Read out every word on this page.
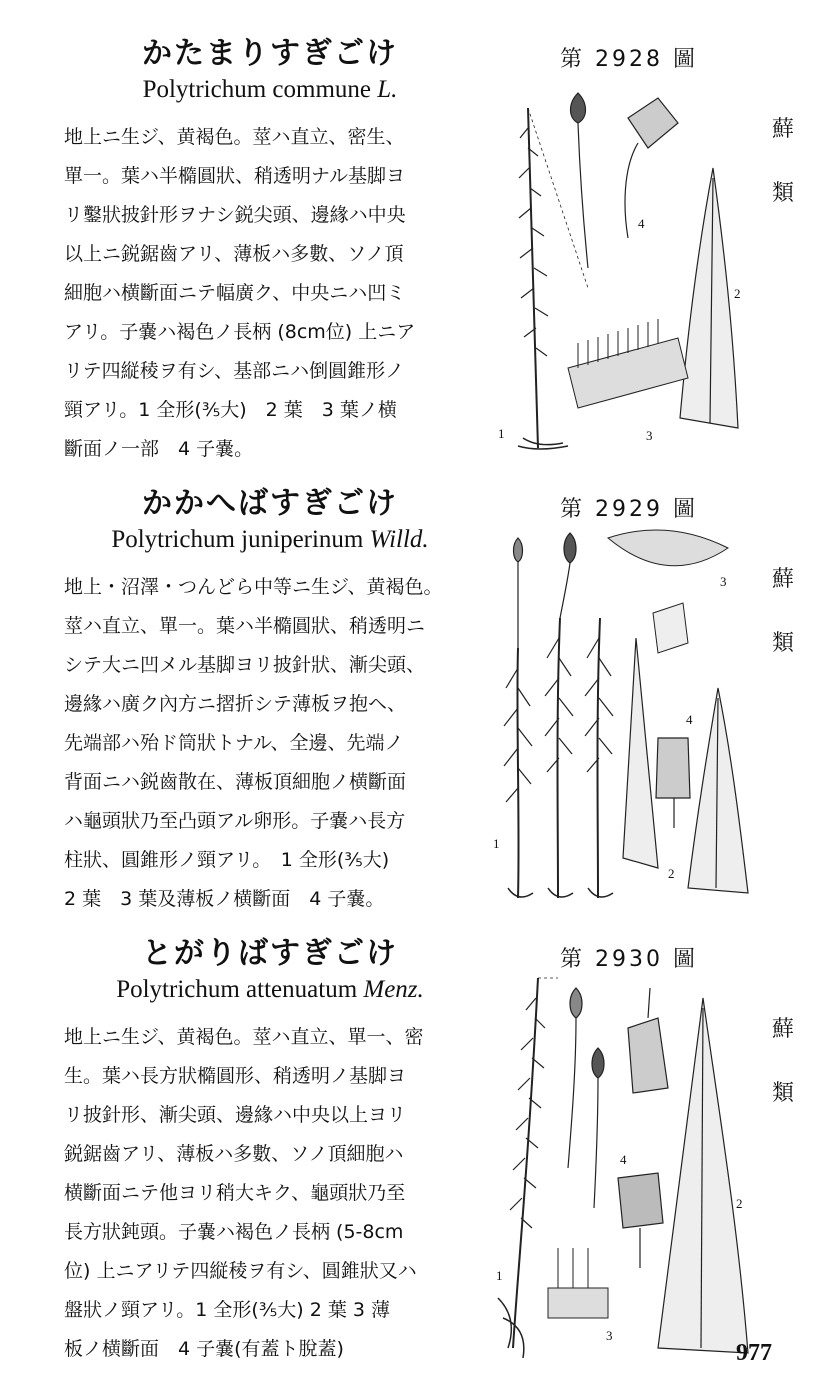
かたまりすぎごけ
Polytrichum commune L.
地上ニ生ジ、黄褐色。莖ハ直立、密生、
單一。葉ハ半橢圓狀、稍透明ナル基脚ヨ
リ鑿狀披針形ヲナシ鋭尖頭、邊緣ハ中央
以上ニ鋭鋸齒アリ、薄板ハ多數、ソノ頂
細胞ハ横斷面ニテ幅廣ク、中央ニハ凹ミ
アリ。子嚢ハ褐色ノ長柄 (8cm位) 上ニア
リテ四縦稜ヲ有シ、基部ニハ倒圓錐形ノ
頸アリ。1 全形(⅗大)　2 葉　3 葉ノ横
斷面ノ一部　4 子嚢。
第 2928 圖
蘚
類
1
2
3
4
かかへばすぎごけ
Polytrichum juniperinum Willd.
地上・沼澤・つんどら中等ニ生ジ、黄褐色。
莖ハ直立、單一。葉ハ半橢圓狀、稍透明ニ
シテ大ニ凹メル基脚ヨリ披針狀、漸尖頭、
邊緣ハ廣ク內方ニ摺折シテ薄板ヲ抱ヘ、
先端部ハ殆ド筒狀トナル、全邊、先端ノ
背面ニハ鋭齒散在、薄板頂細胞ノ横斷面
ハ龜頭狀乃至凸頭アル卵形。子嚢ハ長方
柱狀、圓錐形ノ頸アリ。　1 全形(⅗大)
2 葉　3 葉及薄板ノ横斷面　4 子嚢。
第 2929 圖
蘚
類
1
2
3
4
とがりばすぎごけ
Polytrichum attenuatum Menz.
地上ニ生ジ、黄褐色。莖ハ直立、單一、密
生。葉ハ長方狀橢圓形、稍透明ノ基脚ヨ
リ披針形、漸尖頭、邊緣ハ中央以上ヨリ
鋭鋸齒アリ、薄板ハ多數、ソノ頂細胞ハ
横斷面ニテ他ヨリ稍大キク、龜頭狀乃至
長方狀鈍頭。子嚢ハ褐色ノ長柄 (5-8cm
位) 上ニアリテ四縦稜ヲ有シ、圓錐狀又ハ
盤狀ノ頸アリ。1 全形(⅗大) 2 葉 3 薄
板ノ横斷面　4 子嚢(有蓋ト脫蓋)
第 2930 圖
蘚
類
1
2
3
4
977
